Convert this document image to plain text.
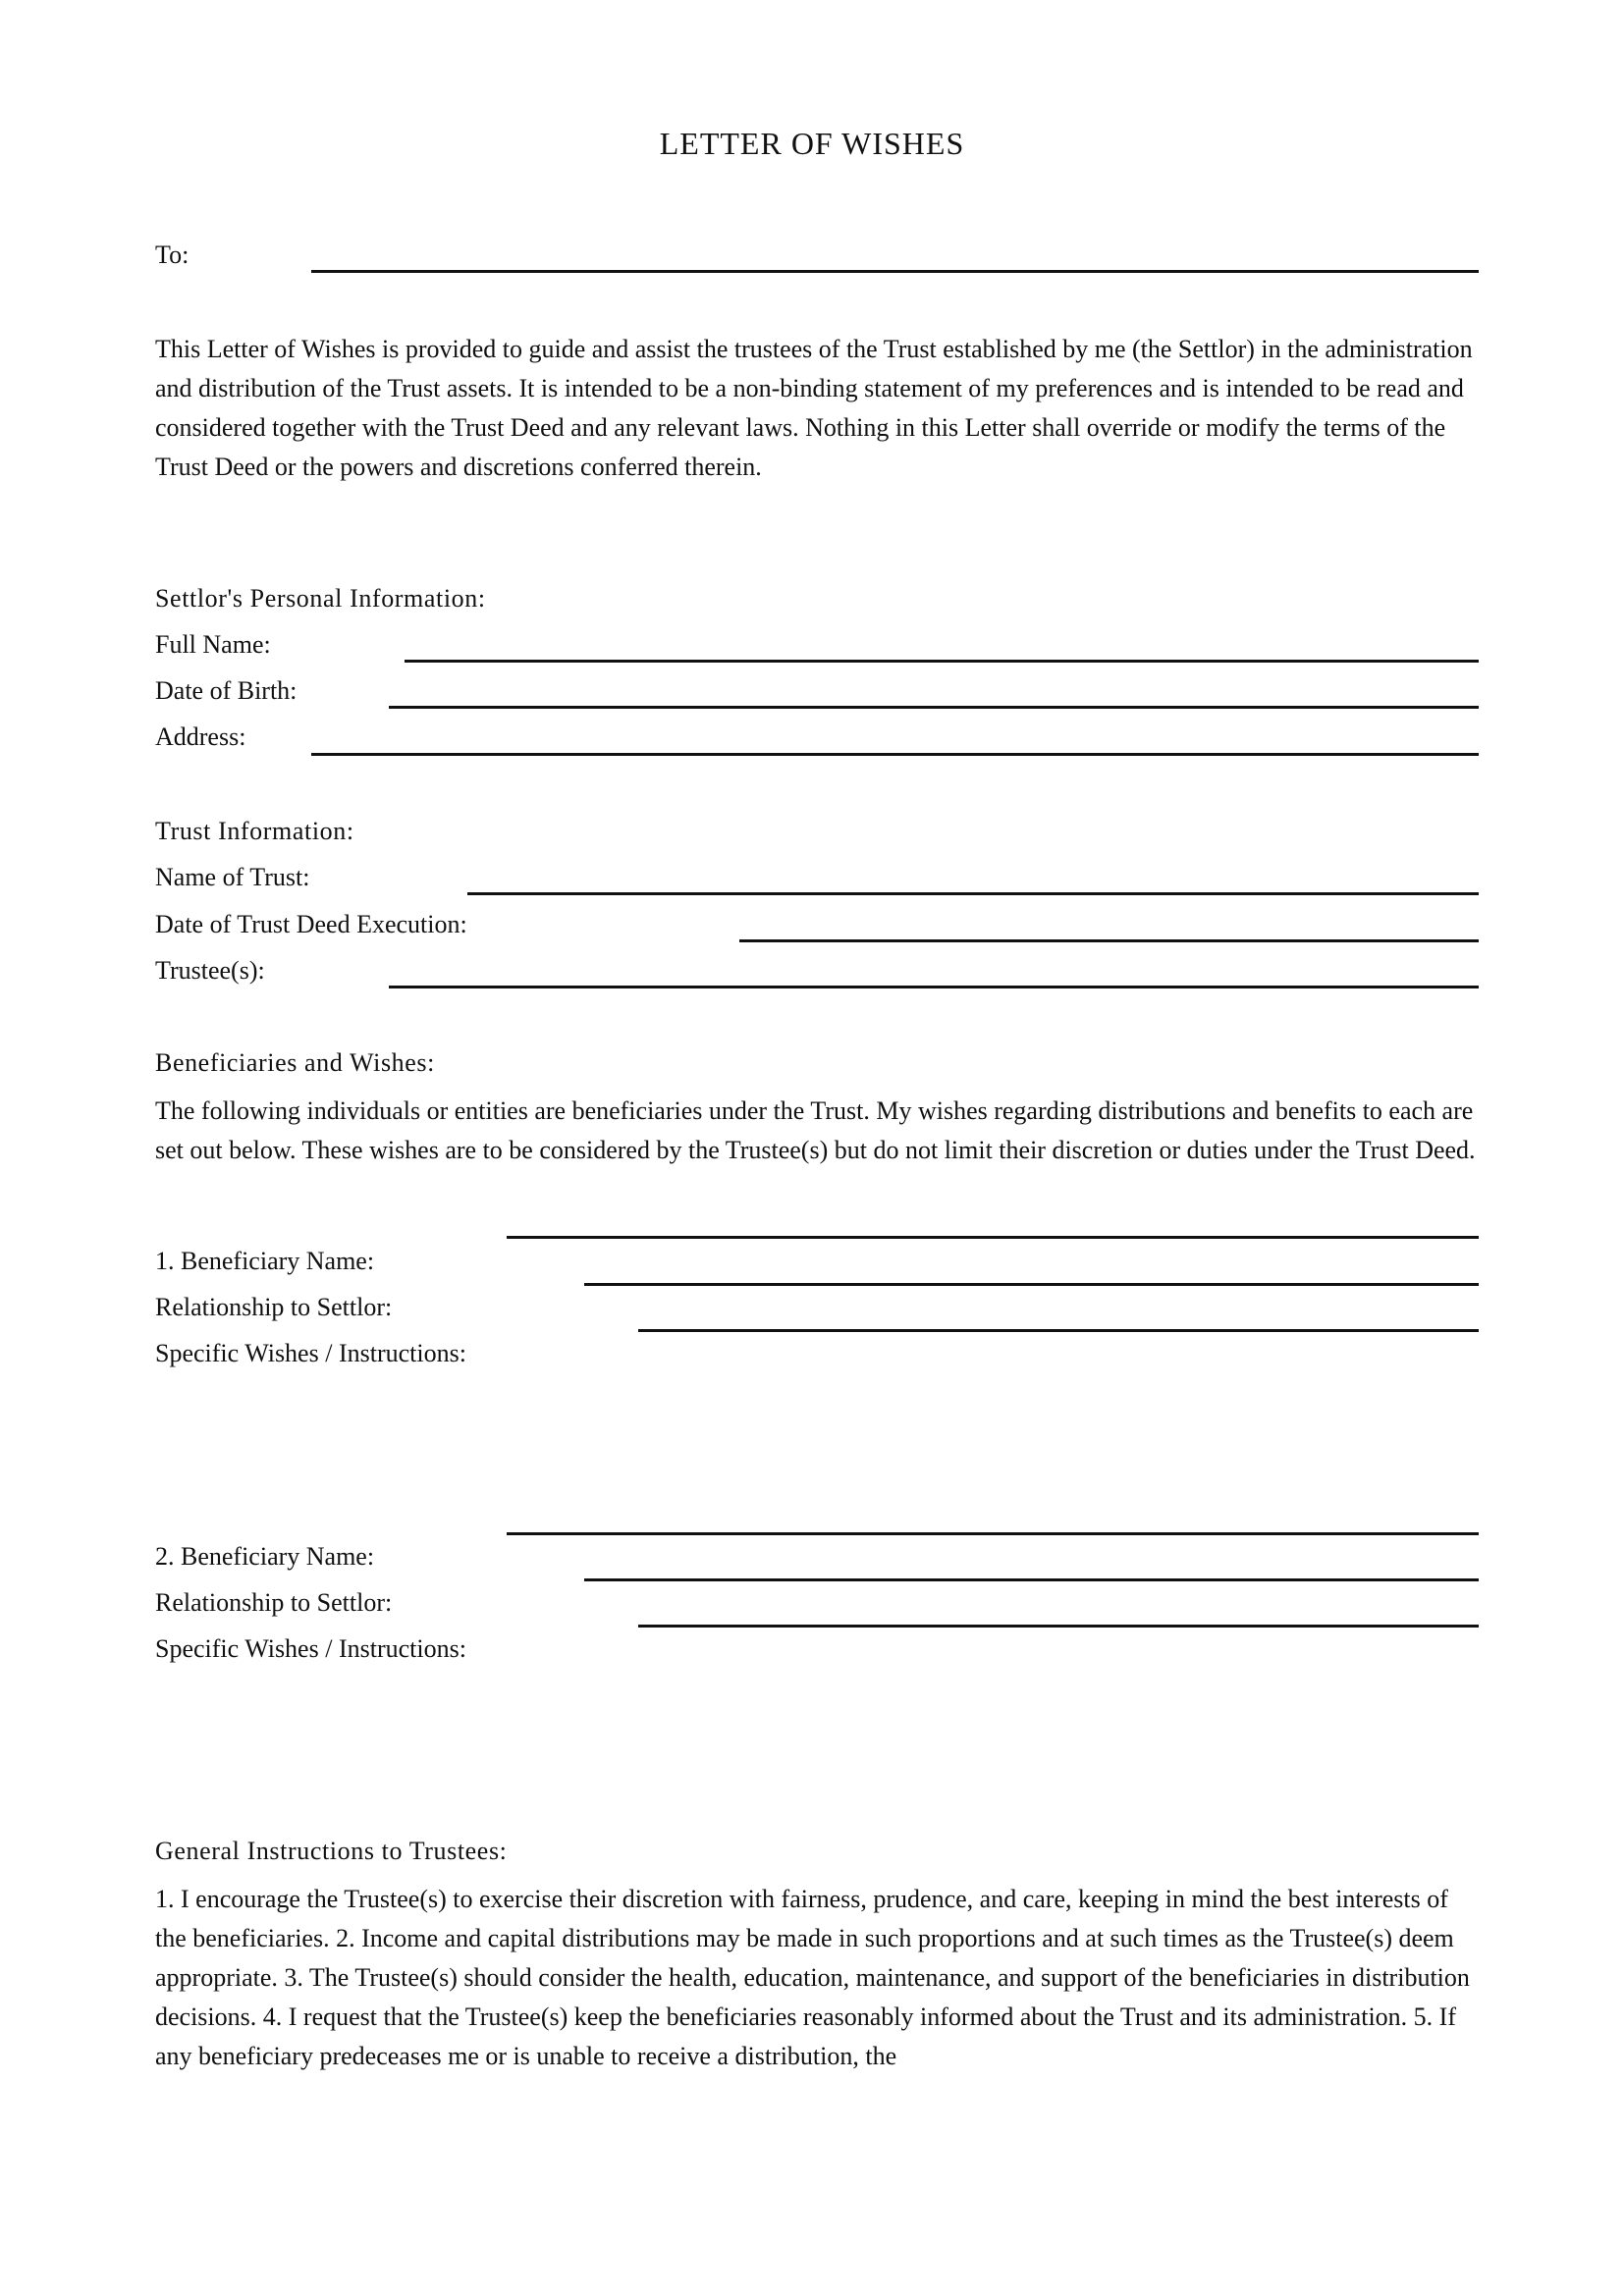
LETTER OF WISHES
To:
This Letter of Wishes is provided to guide and assist the trustees of the Trust established by me (the Settlor) in the administration and distribution of the Trust assets. It is intended to be a non-binding statement of my preferences and is intended to be read and considered together with the Trust Deed and any relevant laws. Nothing in this Letter shall override or modify the terms of the Trust Deed or the powers and discretions conferred therein.
Settlor's Personal Information:
Full Name:
Date of Birth:
Address:
Trust Information:
Name of Trust:
Date of Trust Deed Execution:
Trustee(s):
Beneficiaries and Wishes:
The following individuals or entities are beneficiaries under the Trust. My wishes regarding distributions and benefits to each are set out below. These wishes are to be considered by the Trustee(s) but do not limit their discretion or duties under the Trust Deed.
1. Beneficiary Name:
Relationship to Settlor:
Specific Wishes / Instructions:
2. Beneficiary Name:
Relationship to Settlor:
Specific Wishes / Instructions:
General Instructions to Trustees:
1. I encourage the Trustee(s) to exercise their discretion with fairness, prudence, and care, keeping in mind the best interests of the beneficiaries. 2. Income and capital distributions may be made in such proportions and at such times as the Trustee(s) deem appropriate. 3. The Trustee(s) should consider the health, education, maintenance, and support of the beneficiaries in distribution decisions. 4. I request that the Trustee(s) keep the beneficiaries reasonably informed about the Trust and its administration. 5. If any beneficiary predeceases me or is unable to receive a distribution, the
